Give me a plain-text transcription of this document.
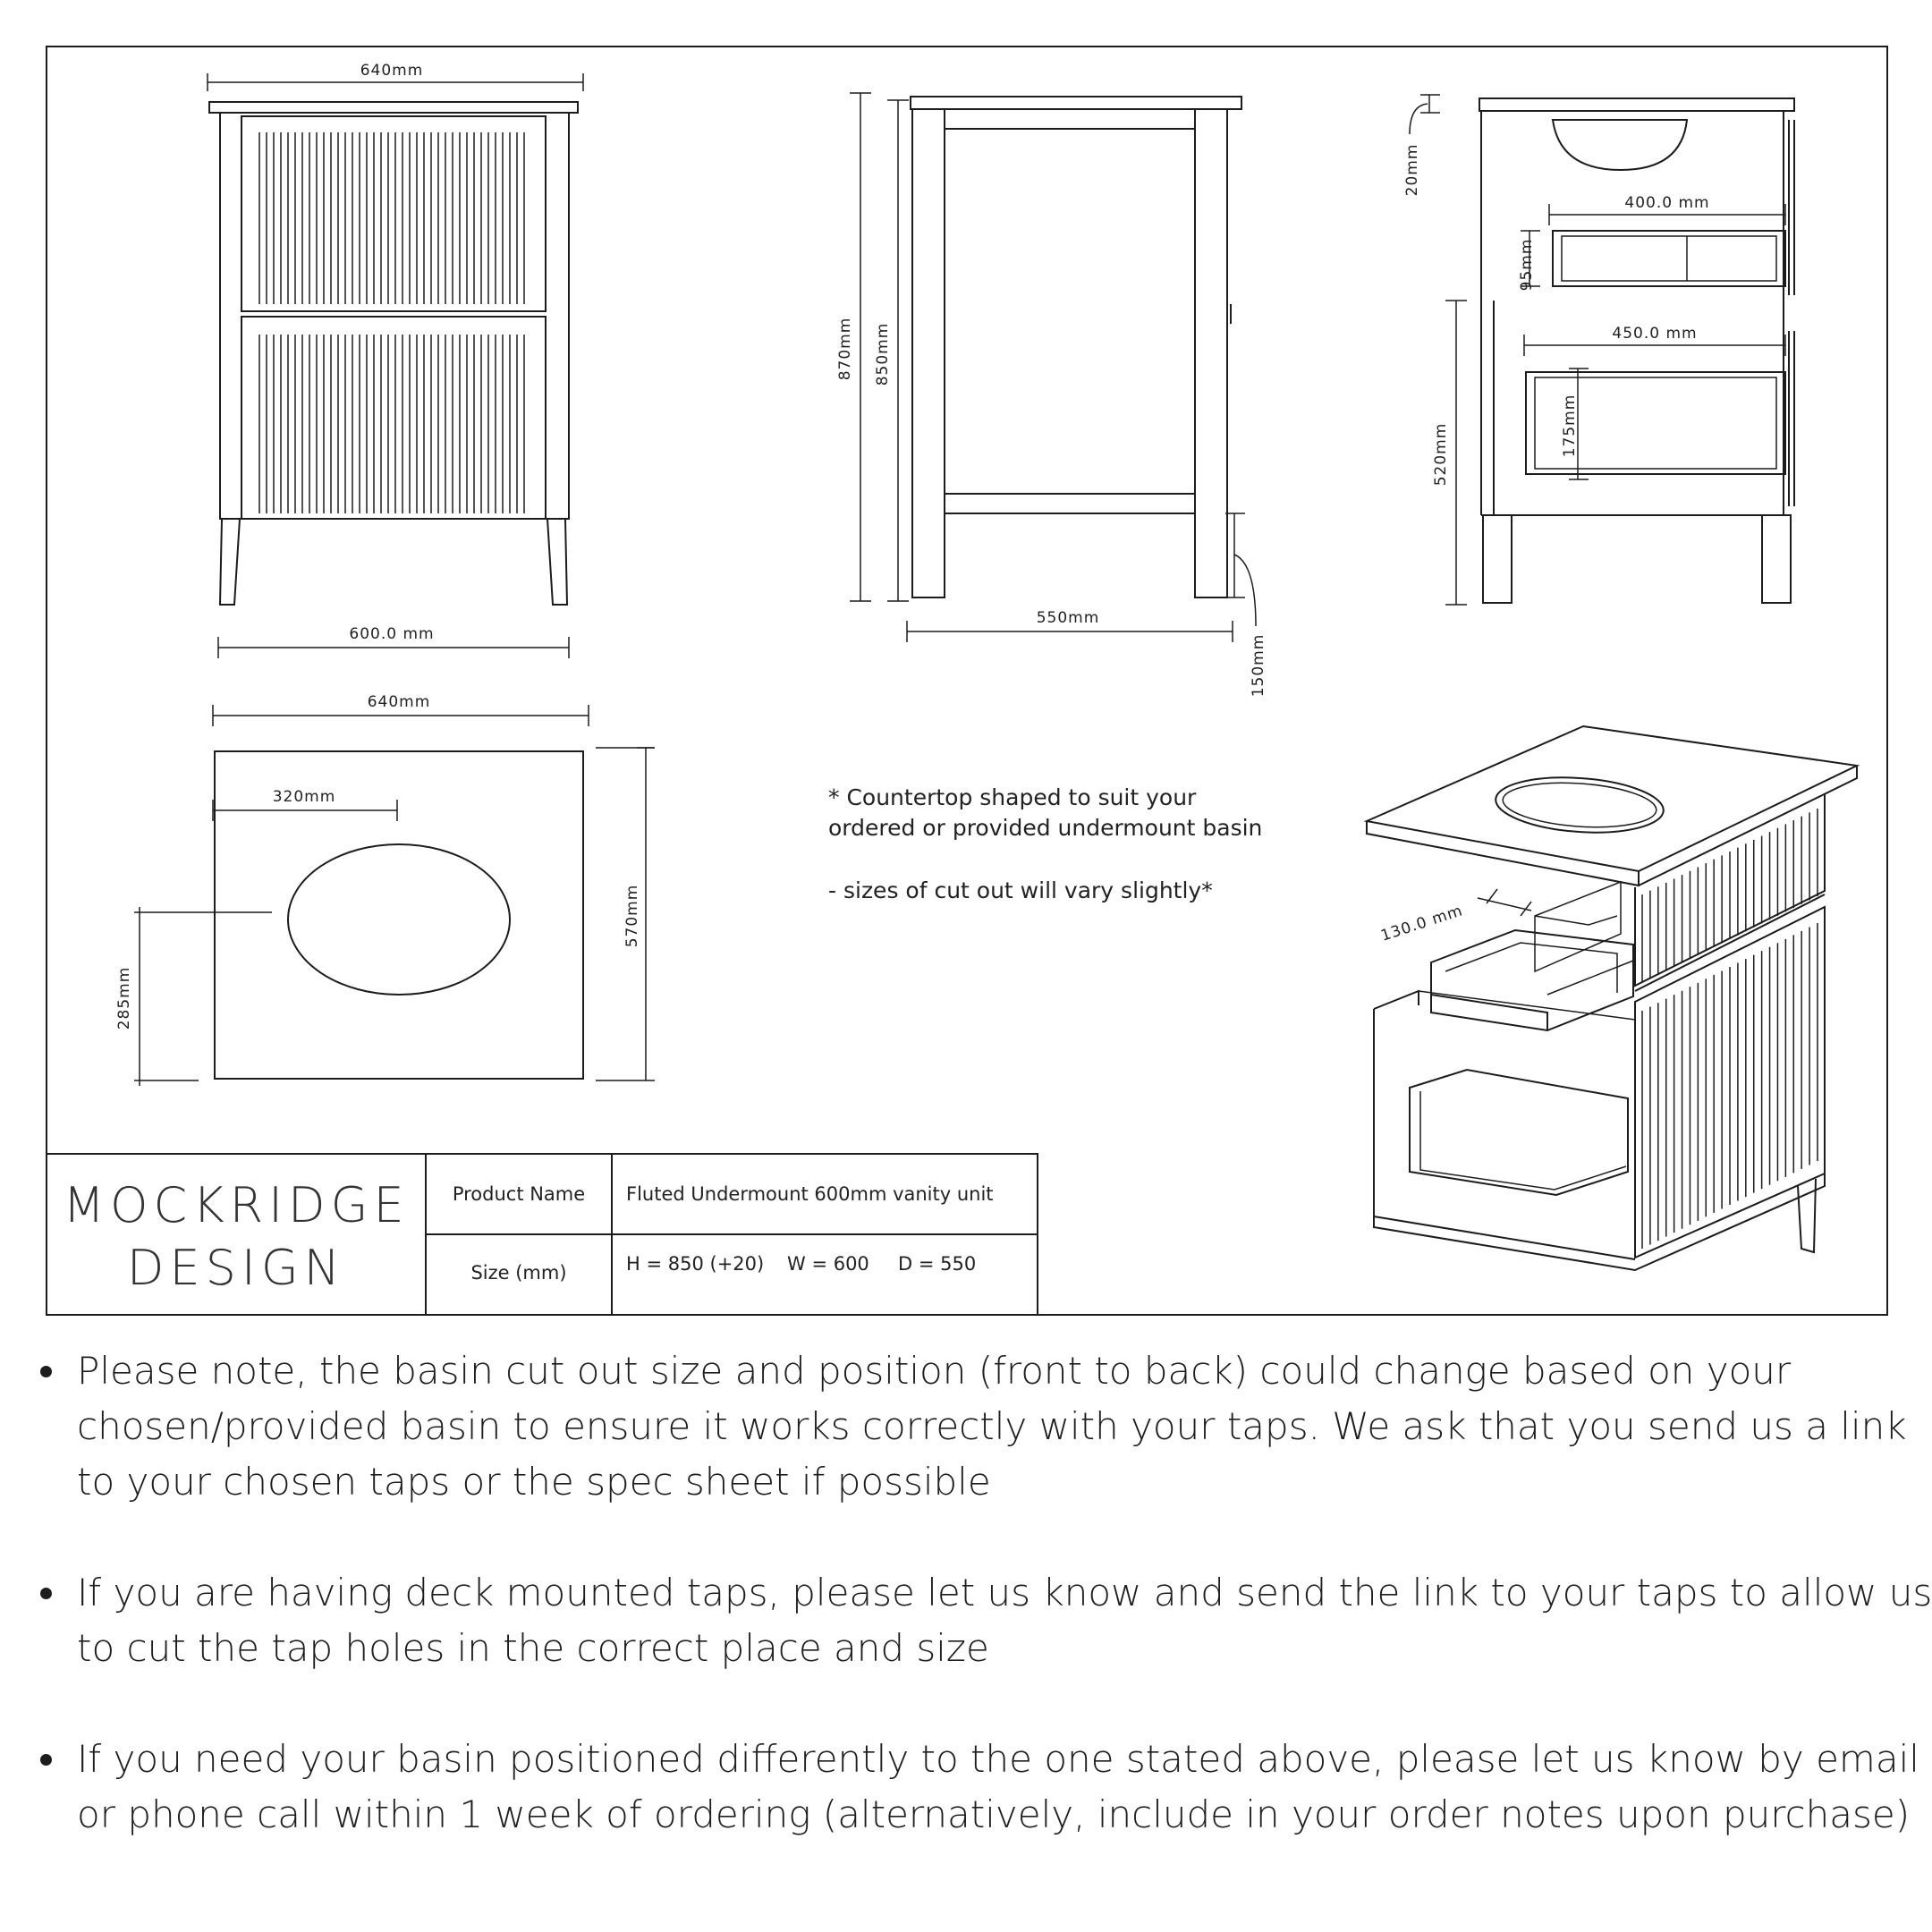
640mm
600.0 mm
870mm 850mm
550mm
150mm
20mm
400.0 mm
95mm
450.0 mm
175mm
520mm
640mm
320mm
570mm
285mm
* Countertop shaped to suit your
ordered or provided undermount basin
- sizes of cut out will vary slightly*
130.0 mm
MOCKRIDGE
DESIGN
Product Name Fluted Undermount 600mm vanity unit
Size (mm)	H = 850 (+20) W = 600 D = 550
• Please note, the basin cut out size and position (front to back) could change based on your chosen/provided basin to ensure it works correctly with your taps. We ask that you send us a link to your chosen taps or the spec sheet if possible
• If you are having deck mounted taps, please let us know and send the link to your taps to allow us to cut the tap holes in the correct place and size
• If you need your basin positioned differently to the one stated above, please let us know by email or phone call within 1 week of ordering (alternatively, include in your order notes upon purchase)
